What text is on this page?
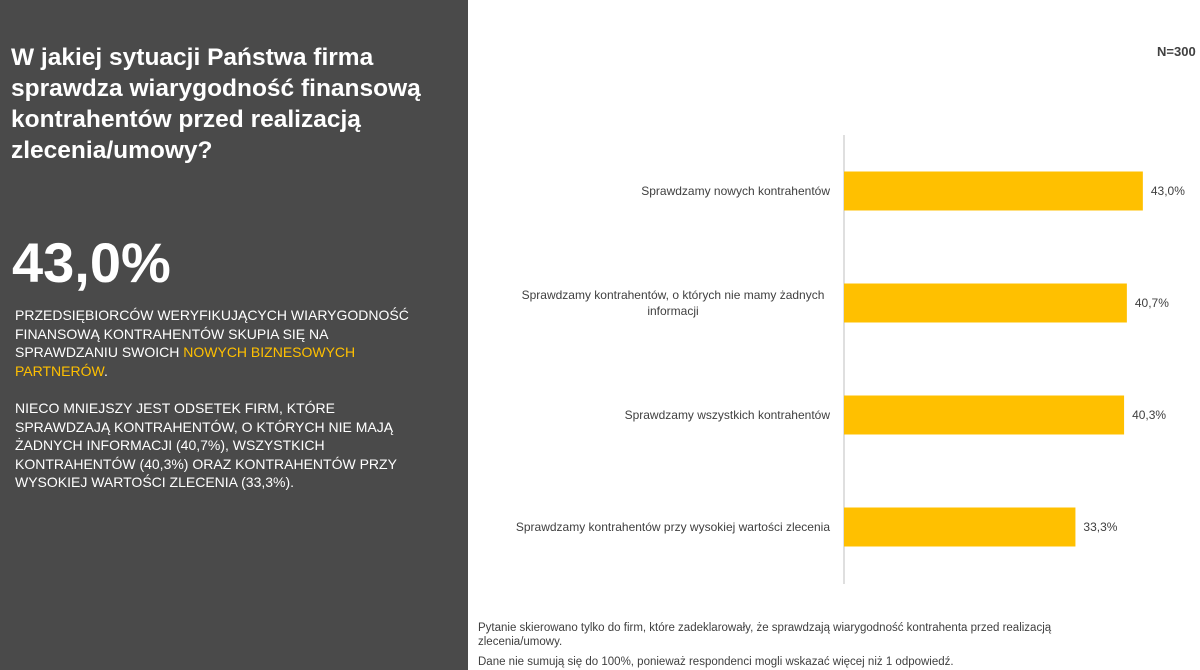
W jakiej sytuacji Państwa firma sprawdza wiarygodność finansową kontrahentów przed realizacją zlecenia/umowy?
43,0%

PRZEDSIĘBIORCÓW WERYFIKUJĄCYCH WIARYGODNOŚĆ FINANSOWĄ KONTRAHENTÓW SKUPIA SIĘ NA SPRAWDZANIU SWOICH NOWYCH BIZNESOWYCH PARTNERÓW.

NIECO MNIEJSZY JEST ODSETEK FIRM, KTÓRE SPRAWDZAJĄ KONTRAHENTÓW, O KTÓRYCH NIE MAJĄ ŻADNYCH INFORMACJI (40,7%), WSZYSTKICH KONTRAHENTÓW (40,3%) ORAZ KONTRAHENTÓW PRZY WYSOKIEJ WARTOŚCI ZLECENIA (33,3%).

N=300
43,0%
Sprawdzamy nowych kontrahentów
40,7%
Sprawdzamy kontrahentów, o których nie mamy żadnych informacji
40,3%
Sprawdzamy wszystkich kontrahentów
33,3%
Sprawdzamy kontrahentów przy wysokiej wartości zlecenia

Pytanie skierowano tylko do firm, które zadeklarowały, że sprawdzają wiarygodność kontrahenta przed realizacją zlecenia/umowy.

Dane nie sumują się do 100%, ponieważ respondenci mogli wskazać więcej niż 1 odpowiedź.
